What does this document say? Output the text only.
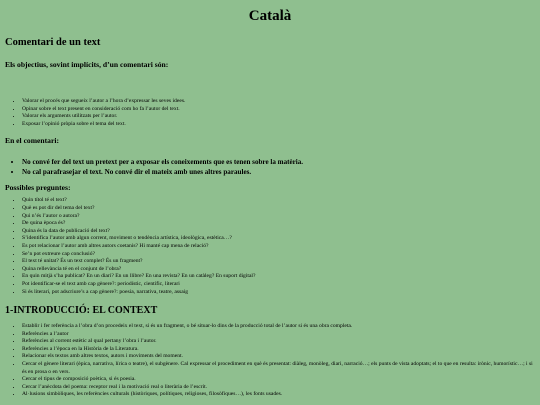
Català
Comentari de un text
Els objectius, sovint implícits, d’un comentari són:
• Valorar el procés que segueix l’autor a l’hora d’expressar les seves idees.
• Opinar sobre el text present en consideració com ho fa l’autor del text.
• Valorar els arguments utilitzats per l’autor.
• Exposar l’opinió pròpia sobre el tema del text.
En el comentari:
• No convé fer del text un pretext per a exposar els coneixements que es tenen sobre la matèria.
• No cal parafrasejar el text. No convé dir el mateix amb unes altres paraules.
Possibles preguntes:
• Quin títol té el text?
• Què es pot dir del tema del text?
• Qui n’és l’autor o autora?
• De quina època és?
• Quina és la data de publicació del text?
• S’identifica l’autor amb algun corrent, moviment o tendència artística, ideològica, estètica…?
• Es pot relacionar l’autor amb altres autors coetanis? Hi manté cap mena de relació?
• Se’n pot extreure cap conclusió?
• El text té unitat? És un text complet? És un fragment?
• Quina rellevància té en el conjunt de l’obra?
• En quin mitjà s’ha publicat? En un diari? En un llibre? En una revista? En un catàleg? En suport digital?
• Pot identificar-se el text amb cap gènere?: periodístic, científic, literari
• Si és literari, pot adscriure’s a cap gènere?: poesia, narrativa, teatre, assaig
1-INTRODUCCIÓ: EL CONTEXT
• Establir i fer referència a l’obra d’on procedeix el text, si és un fragment, o bé situar-lo dins de la producció total de l’autor si és una obra completa.
• Referències a l’autor
• Referències al corrent estètic al qual pertany l’obra i l’autor.
• Referències a l’època en la Història de la Literatura.
• Relacionar els textos amb altres textos, autors i moviments del moment.
• Cercar el gènere literari (èpica, narrativa, lírica o teatre), el subgènere. Cal expressar el procediment en què és presentat: diàleg, monòleg, diari, narració…; els punts de vista adoptats; el to que en resulta: irònic, humorístic…; i si és en prosa o en vers.
• Cercar el tipus de composició poètica, si és poesia.
• Cercar l’anècdota del poema: receptor real i la motivació real o literària de l’escrit.
• Al·lusions simbòliques, les referències culturals (històriques, polítiques, religioses, filosòfiques…), les fonts usades.
